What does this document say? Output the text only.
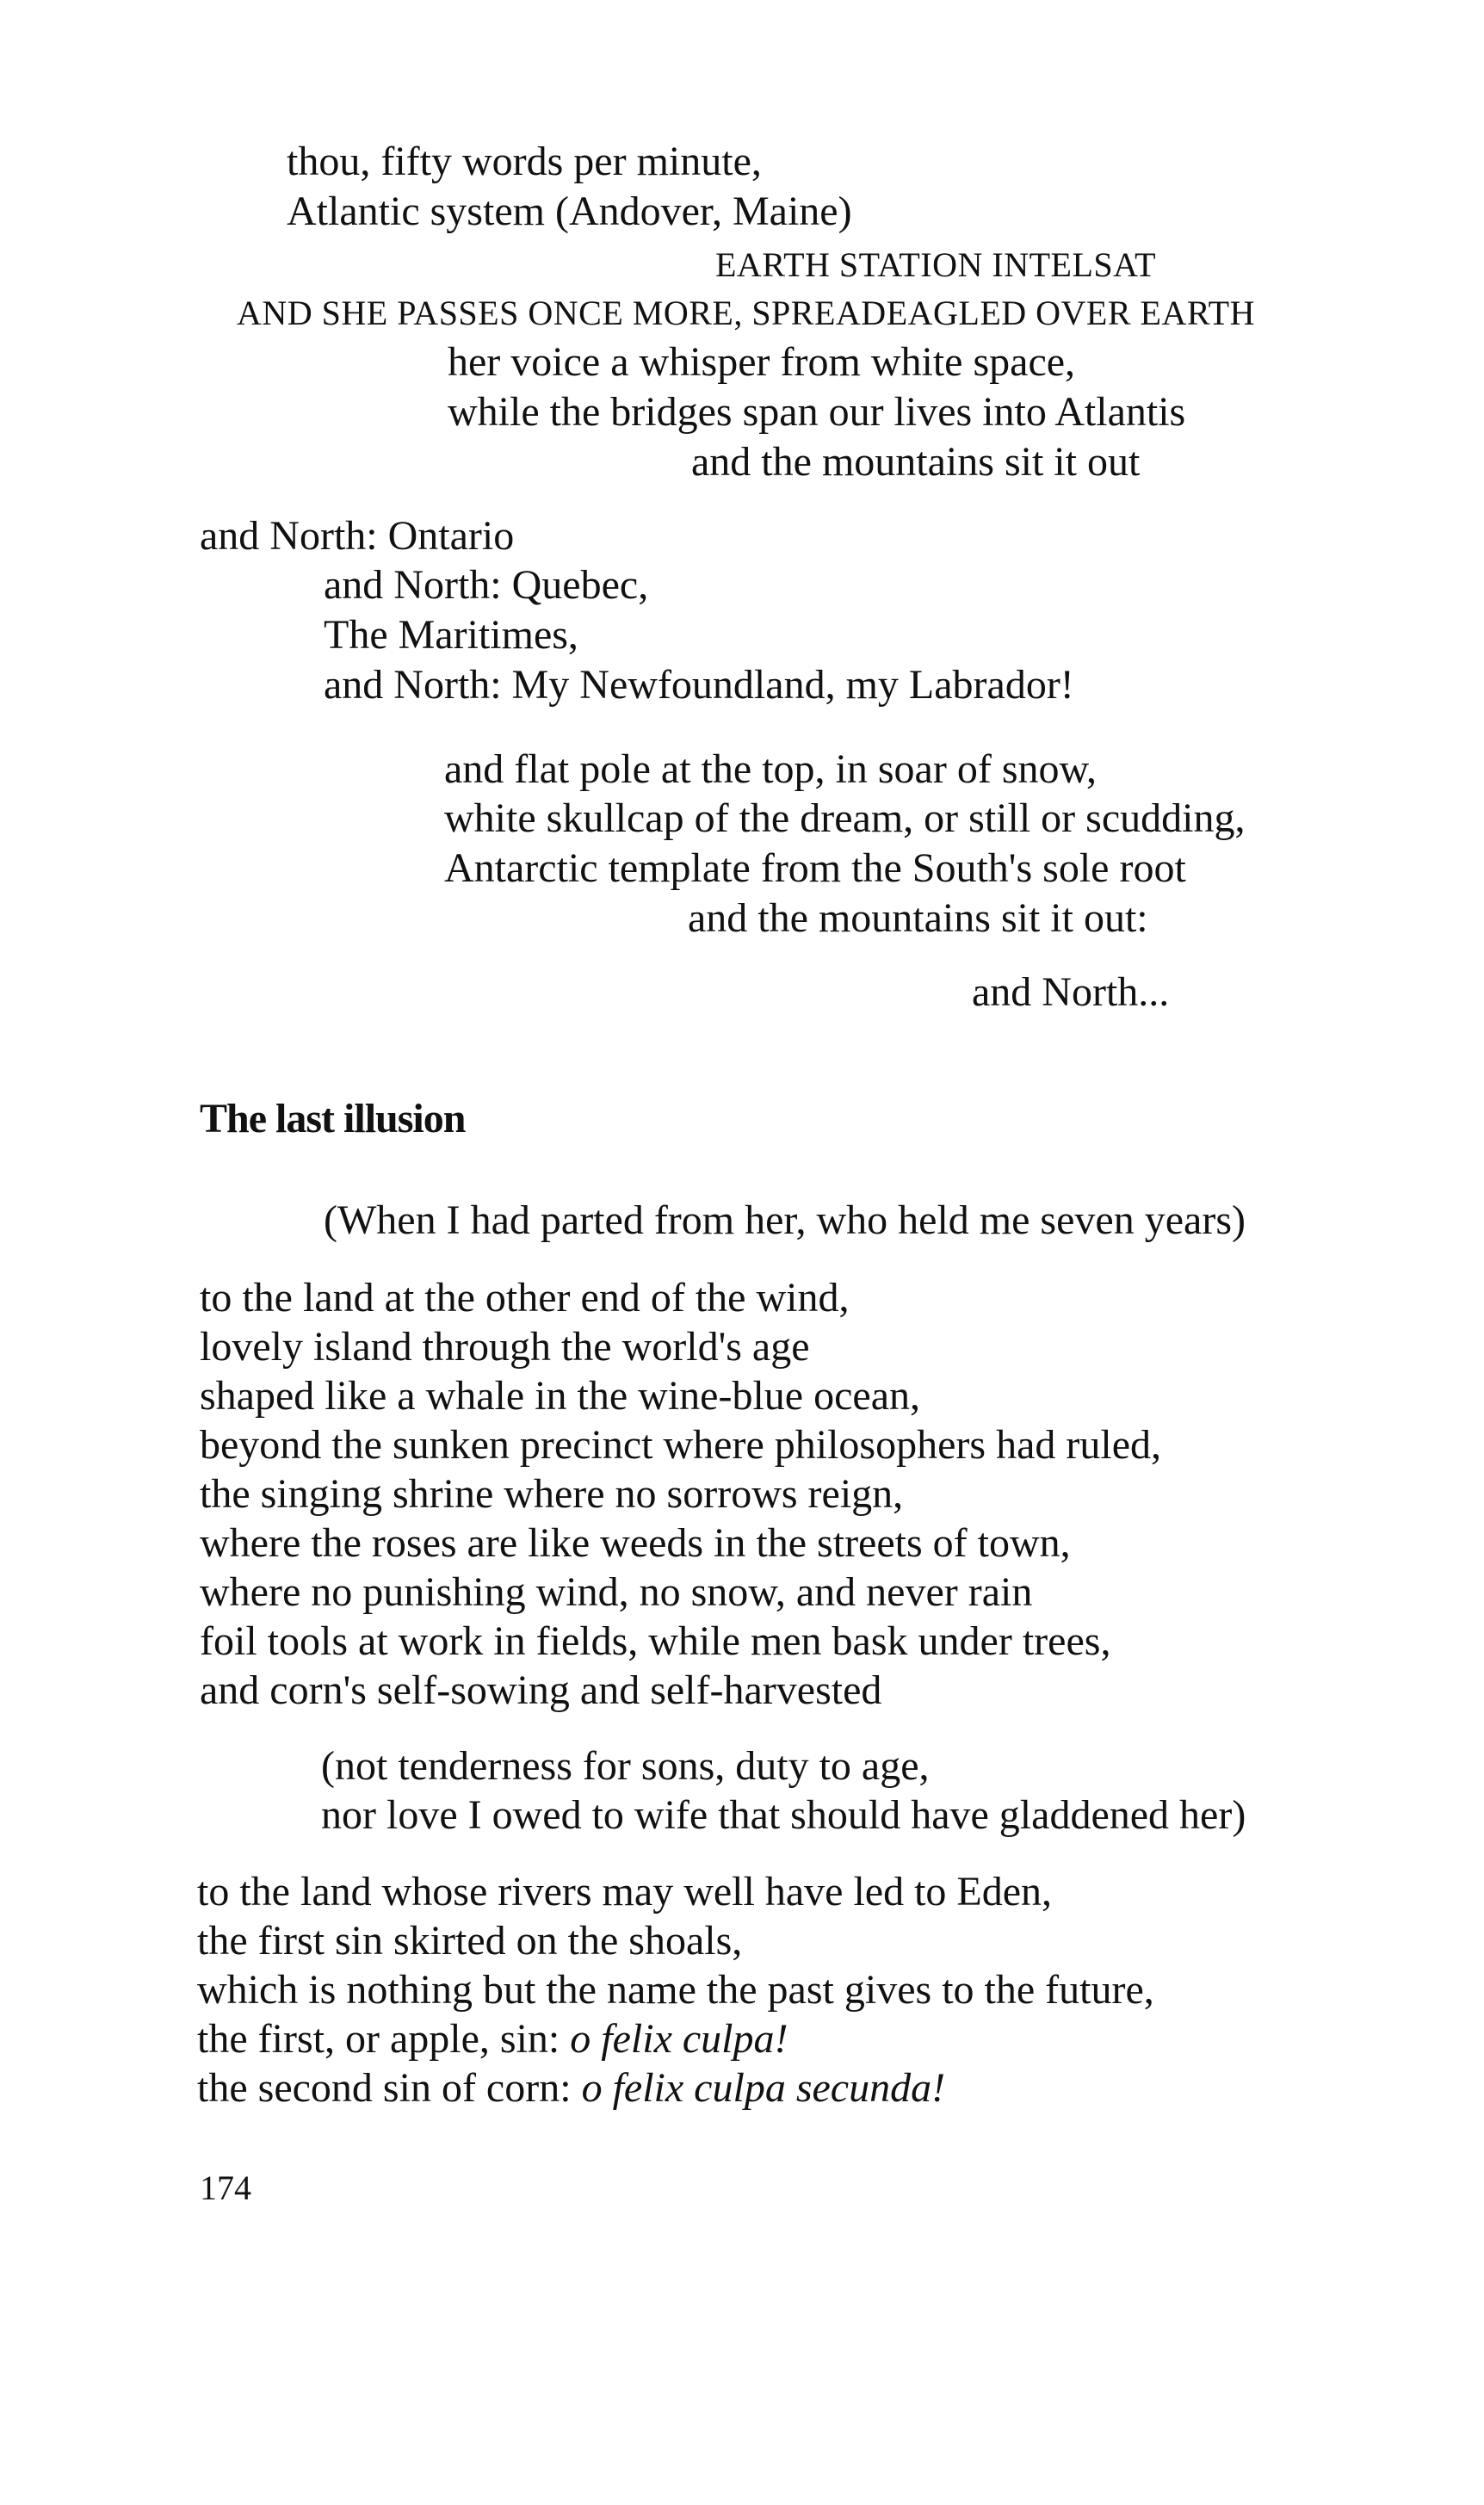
thou, fifty words per minute,

Atlantic system (Andover, Maine)

EARTH STATION INTELSAT

AND SHE PASSES ONCE MORE, SPREADEAGLED OVER EARTH

her voice a whisper from white space,

while the bridges span our lives into Atlantis

and the mountains sit it out

and North: Ontario

and North: Quebec,

The Maritimes,

and North: My Newfoundland, my Labrador!

and flat pole at the top, in soar of snow,

white skullcap of the dream, or still or scudding,

Antarctic template from the South's sole root

and the mountains sit it out:

and North...

The last illusion

(When I had parted from her, who held me seven years)

to the land at the other end of the wind,

lovely island through the world's age

shaped like a whale in the wine-blue ocean,

beyond the sunken precinct where philosophers had ruled,

the singing shrine where no sorrows reign,

where the roses are like weeds in the streets of town,

where no punishing wind, no snow, and never rain

foil tools at work in fields, while men bask under trees,

and corn's self-sowing and self-harvested

(not tenderness for sons, duty to age,

nor love I owed to wife that should have gladdened her)

to the land whose rivers may well have led to Eden,

the first sin skirted on the shoals,

which is nothing but the name the past gives to the future,

the first, or apple, sin: o felix culpa!

the second sin of corn: o felix culpa secunda!

174
